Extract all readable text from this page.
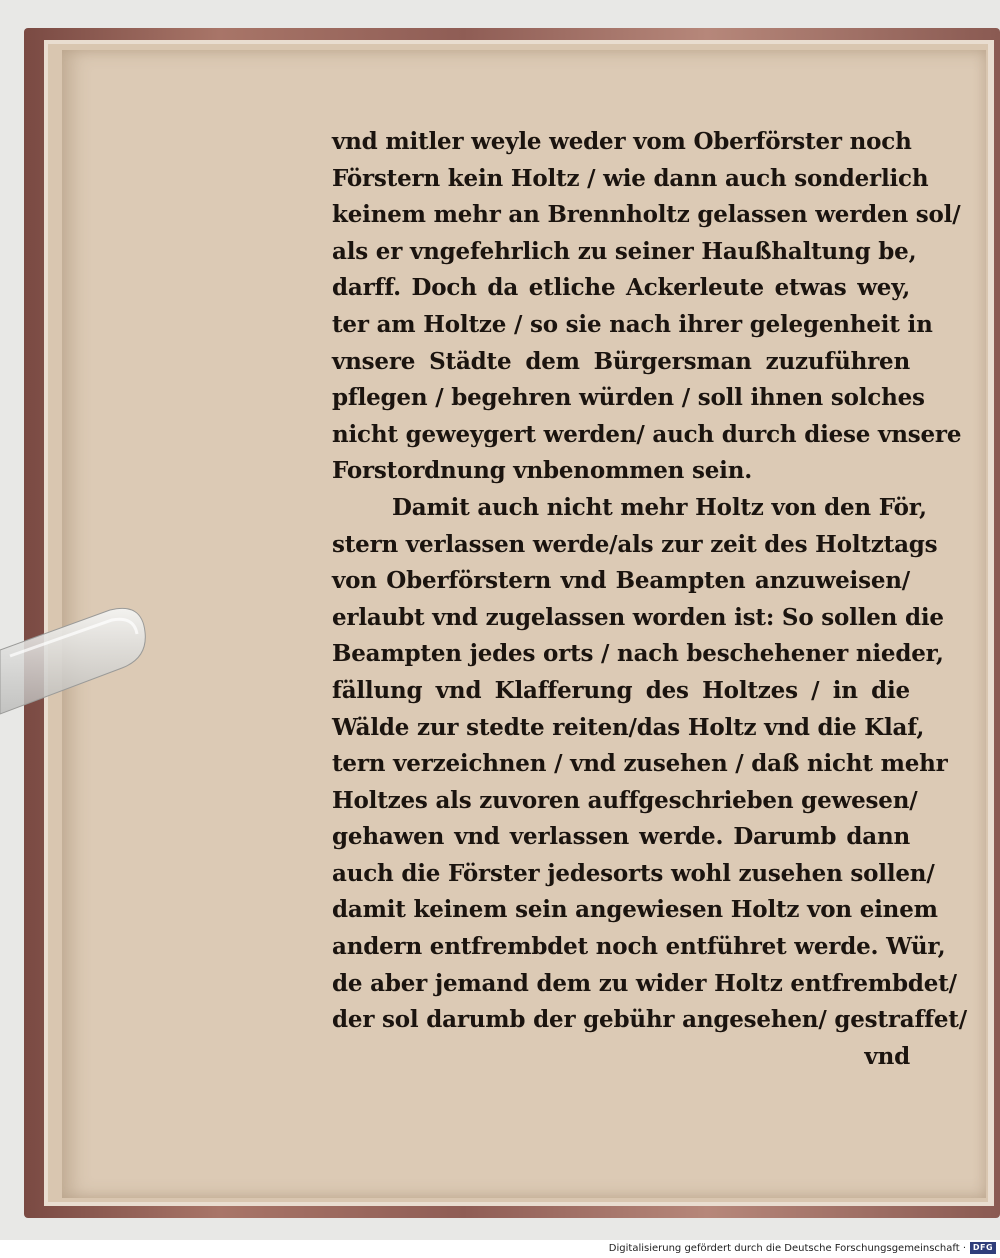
vnd mitler weyle weder vom Oberförster noch
Förstern kein Holtz / wie dann auch sonderlich
keinem mehr an Brennholtz gelassen werden sol/
als er vngefehrlich zu seiner Haußhaltung be,
darff. Doch da etliche Ackerleute etwas wey,
ter am Holtze / so sie nach ihrer gelegenheit in
vnsere Städte dem Bürgersman zuzuführen
pflegen / begehren würden / soll ihnen solches
nicht geweygert werden/ auch durch diese vnsere
Forstordnung vnbenommen sein.
Damit auch nicht mehr Holtz von den För,
stern verlassen werde/als zur zeit des Holtztags
von Oberförstern vnd Beampten anzuweisen/
erlaubt vnd zugelassen worden ist: So sollen die
Beampten jedes orts / nach beschehener nieder,
fällung vnd Klafferung des Holtzes / in die
Wälde zur stedte reiten/das Holtz vnd die Klaf,
tern verzeichnen / vnd zusehen / daß nicht mehr
Holtzes als zuvoren auffgeschrieben gewesen/
gehawen vnd verlassen werde. Darumb dann
auch die Förster jedesorts wohl zusehen sollen/
damit keinem sein angewiesen Holtz von einem
andern entfrembdet noch entführet werde. Wür,
de aber jemand dem zu wider Holtz entfrembdet/
der sol darumb der gebühr angesehen/ gestraffet/
vnd
Digitalisierung gefördert durch die Deutsche Forschungsgemeinschaft · DFG
